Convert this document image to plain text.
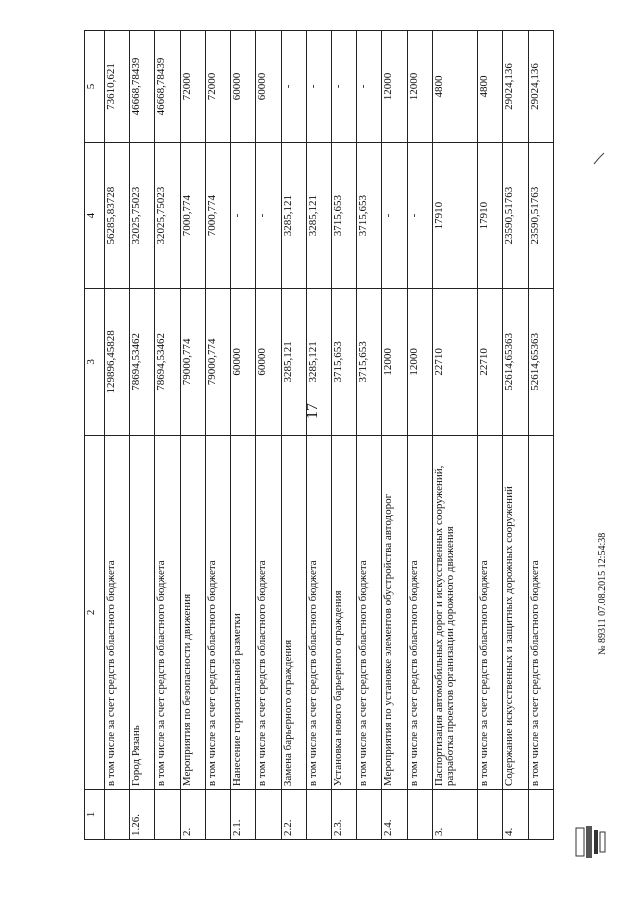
17
1	2	3	4	5
	в том числе за счет средств областного бюджета	129896,45828	56285,83728	73610,621
1.26.	Город Рязань	78694,53462	32025,75023	46668,78439
	в том числе за счет средств областного бюджета	78694,53462	32025,75023	46668,78439
2.	Мероприятия по безопасности движения	79000,774	7000,774	72000
	в том числе за счет средств областного бюджета	79000,774	7000,774	72000
2.1.	Нанесение горизонтальной разметки	60000	-	60000
	в том числе за счет средств областного бюджета	60000	-	60000
2.2.	Замена барьерного ограждения	3285,121	3285,121	-
	в том числе за счет средств областного бюджета	3285,121	3285,121	-
2.3.	Установка нового барьерного ограждения	3715,653	3715,653	-
	в том числе за счет средств областного бюджета	3715,653	3715,653	-
2.4.	Мероприятия по установке элементов обустройства автодорог	12000	-	12000
	в том числе за счет средств областного бюджета	12000	-	12000
3.	Паспортизация автомобильных дорог и искусственных сооружений, разработка проектов организации дорожного движения	22710	17910	4800
	в том числе за счет средств областного бюджета	22710	17910	4800
4.	Содержание искусственных и защитных дорожных сооружений	52614,65363	23590,51763	29024,136
	в том числе за счет средств областного бюджета	52614,65363	23590,51763	29024,136
№ 89311 07.08.2015 12:54:38
